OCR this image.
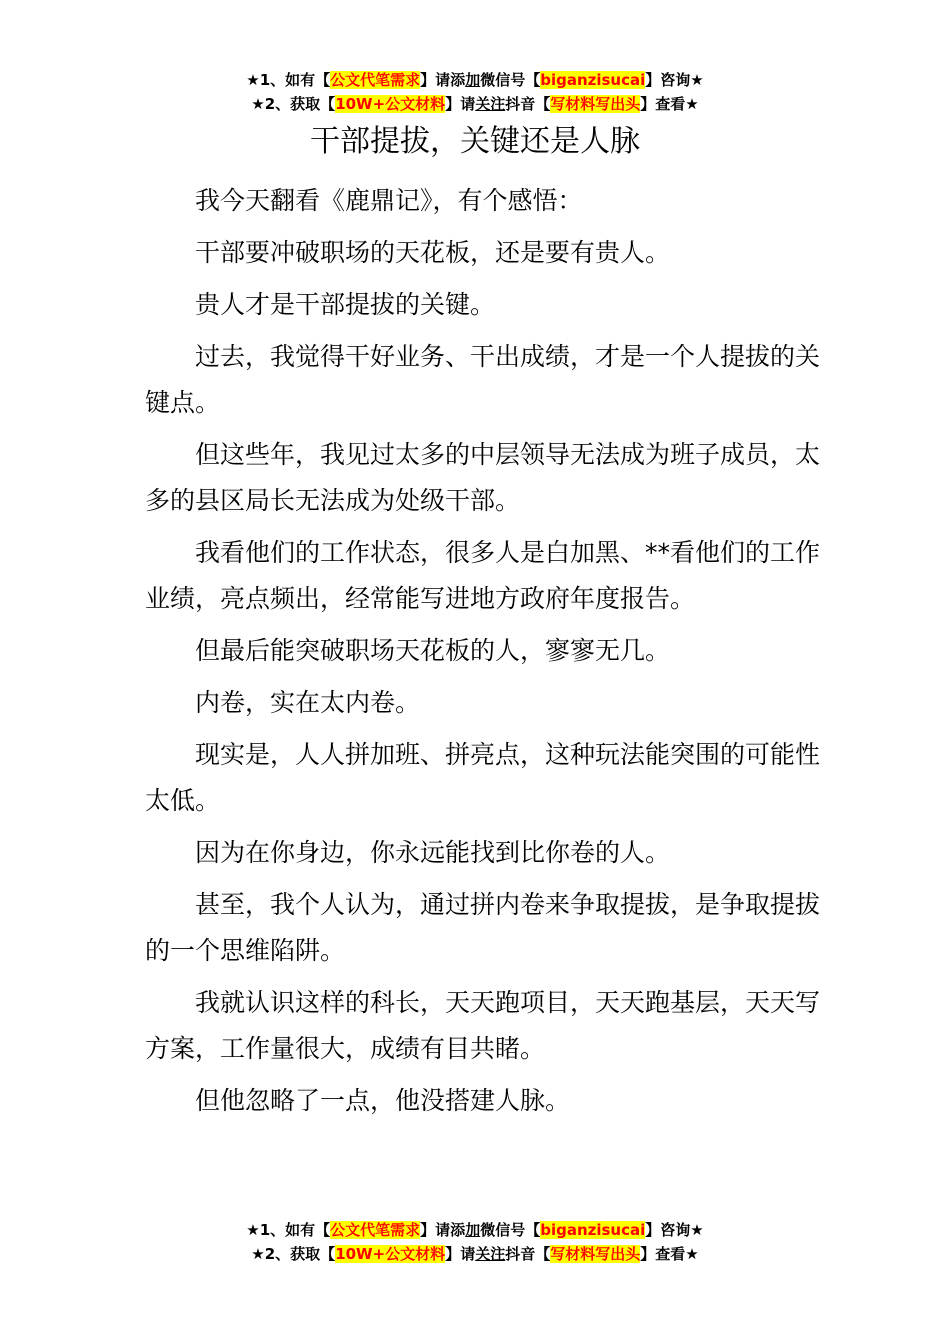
★1、如有【公文代笔需求】请添加微信号【biganzisucai】咨询★
★2、获取【10W+公文材料】请关注抖音【写材料写出头】查看★
干部提拔，关键还是人脉

我今天翻看《鹿鼎记》，有个感悟：

干部要冲破职场的天花板，还是要有贵人。

贵人才是干部提拔的关键。

过去，我觉得干好业务、干出成绩，才是一个人提拔的关键点。

但这些年，我见过太多的中层领导无法成为班子成员，太多的县区局长无法成为处级干部。

我看他们的工作状态，很多人是白加黑、**看他们的工作业绩，亮点频出，经常能写进地方政府年度报告。

但最后能突破职场天花板的人，寥寥无几。

内卷，实在太内卷。

现实是，人人拼加班、拼亮点，这种玩法能突围的可能性太低。

因为在你身边，你永远能找到比你卷的人。

甚至，我个人认为，通过拼内卷来争取提拔，是争取提拔的一个思维陷阱。

我就认识这样的科长，天天跑项目，天天跑基层，天天写方案，工作量很大，成绩有目共睹。

但他忽略了一点，他没搭建人脉。

★1、如有【公文代笔需求】请添加微信号【biganzisucai】咨询★
★2、获取【10W+公文材料】请关注抖音【写材料写出头】查看★
